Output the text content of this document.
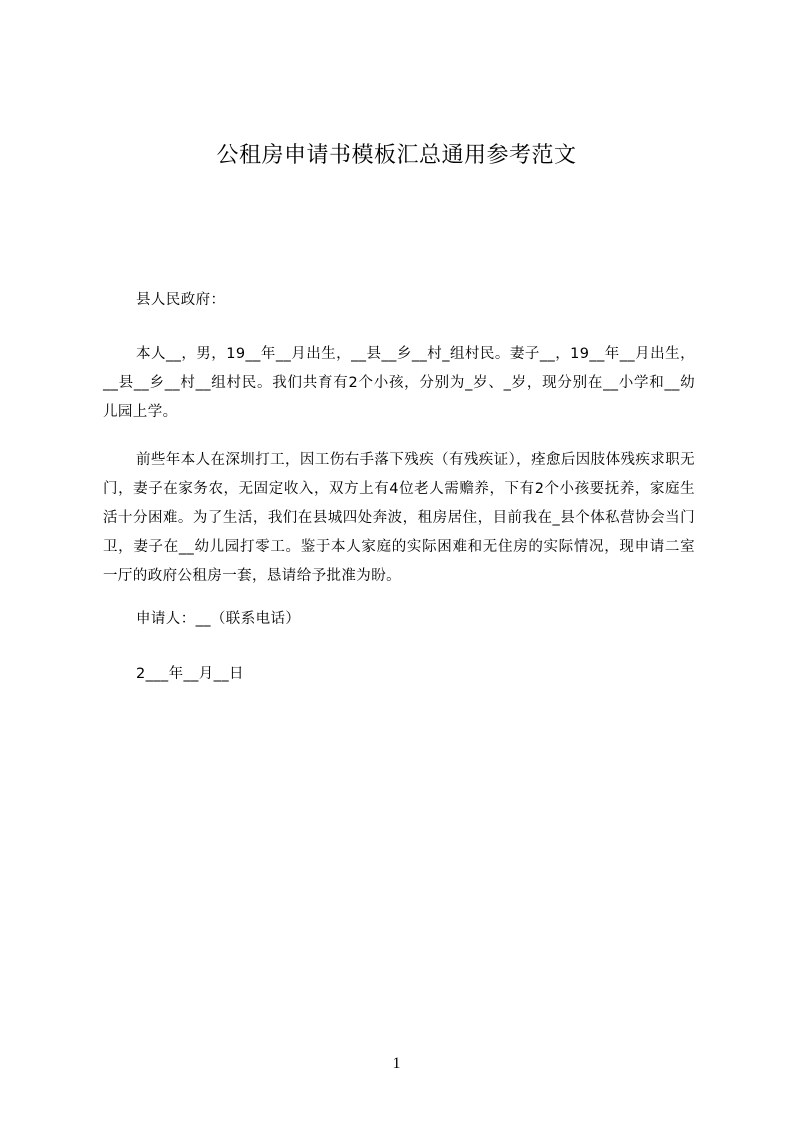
公租房申请书模板汇总通用参考范文

县人民政府：

本人__，男，19__年__月出生，__县__乡__村_组村民。妻子__，19__年__月出生，__县__乡__村__组村民。我们共育有2个小孩，分别为_岁、_岁，现分别在__小学和__幼儿园上学。

前些年本人在深圳打工，因工伤右手落下残疾（有残疾证），痊愈后因肢体残疾求职无门，妻子在家务农，无固定收入，双方上有4位老人需赡养，下有2个小孩要抚养，家庭生活十分困难。为了生活，我们在县城四处奔波，租房居住，目前我在_县个体私营协会当门卫，妻子在__幼儿园打零工。鉴于本人家庭的实际困难和无住房的实际情况，现申请二室一厅的政府公租房一套，恳请给予批准为盼。

申请人：__（联系电话）

2___年__月__日

1
